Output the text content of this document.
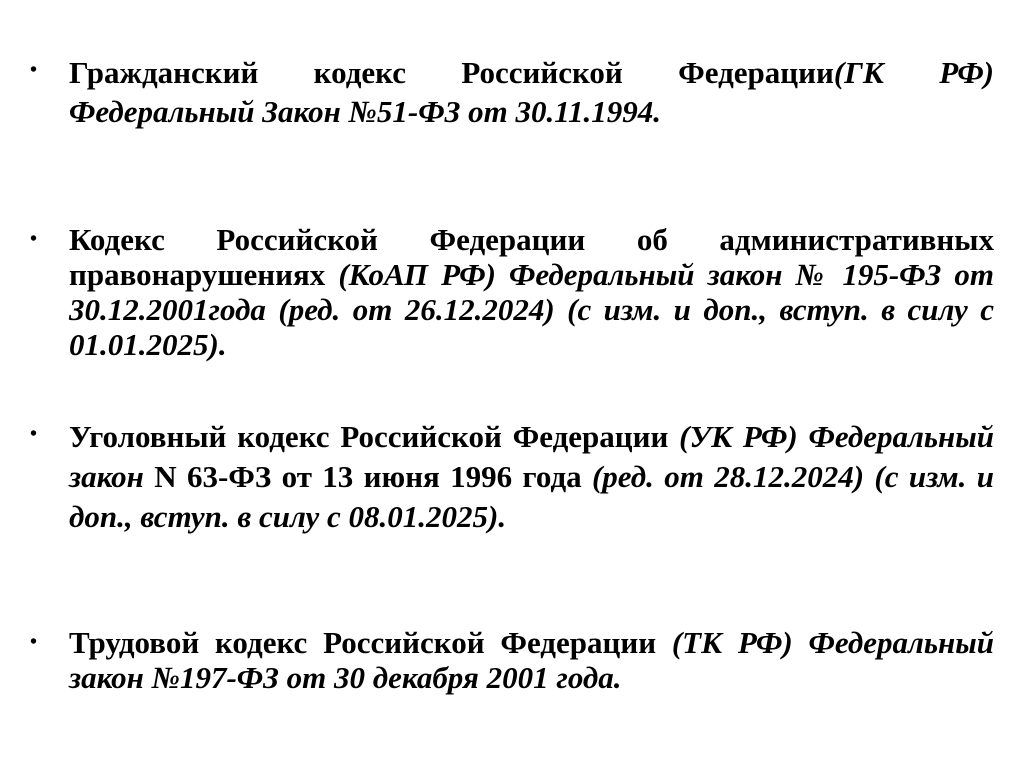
•	Гражданский кодекс Российской Федерации(ГК РФ) Федеральный Закон №51-ФЗ от 30.11.1994.
•	Кодекс Российской Федерации об административных правонарушениях (КоАП РФ) Федеральный закон № 195-ФЗ от 30.12.2001года (ред. от 26.12.2024) (с изм. и доп., вступ. в силу с 01.01.2025).
•	Уголовный кодекс Российской Федерации (УК РФ) Федеральный закон N 63-ФЗ от 13 июня 1996 года (ред. от 28.12.2024) (с изм. и доп., вступ. в силу с 08.01.2025).
•	Трудовой кодекс Российской Федерации (ТК РФ) Федеральный закон №197-ФЗ от 30 декабря 2001 года.
